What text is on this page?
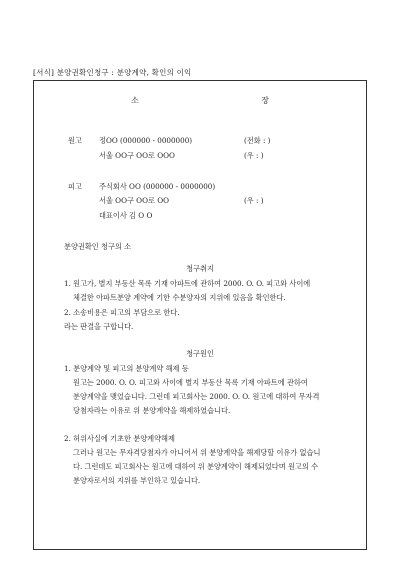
[서식] 분양권확인청구 : 분양계약, 확인의 이익
소 장
원고 정OO (000000 - 0000000)	(전화 : )
서울 OO구 OO로 OOO	(우 : )
피고 주식회사 OO (000000 - 0000000)
서울 OO구 OO로 OO	(우 : )
대표이사 김 O O
분양권확인 청구의 소
청구취지
1. 원고가, 별지 부동산 목록 기재 아파트에 관하여 2000. O. O. 피고와 사이에
체결한 아파트분양 계약에 기한 수분양자의 지위에 있음을 확인한다.
2. 소송비용은 피고의 부담으로 한다.
라는 판결을 구합니다.
청구원인
1. 분양계약 및 피고의 분양계약 해제 등
원고는 2000. O. O. 피고와 사이에 별지 부동산 목록 기재 아파트에 관하여
분양계약을 맺었습니다. 그런데 피고회사는 2000. O. O. 원고에 대하여 무자격
당첨자라는 이유로 위 분양계약을 해제하였습니다.
2. 허위사실에 기초한 분양계약해제
그러나 원고는 무자격당첨자가 아니어서 위 분양계약을 해제당할 이유가 없습니
다. 그런데도 피고회사는 원고에 대하여 위 분양계약이 해제되었다며 원고의 수
분양자로서의 지위를 부인하고 있습니다.
